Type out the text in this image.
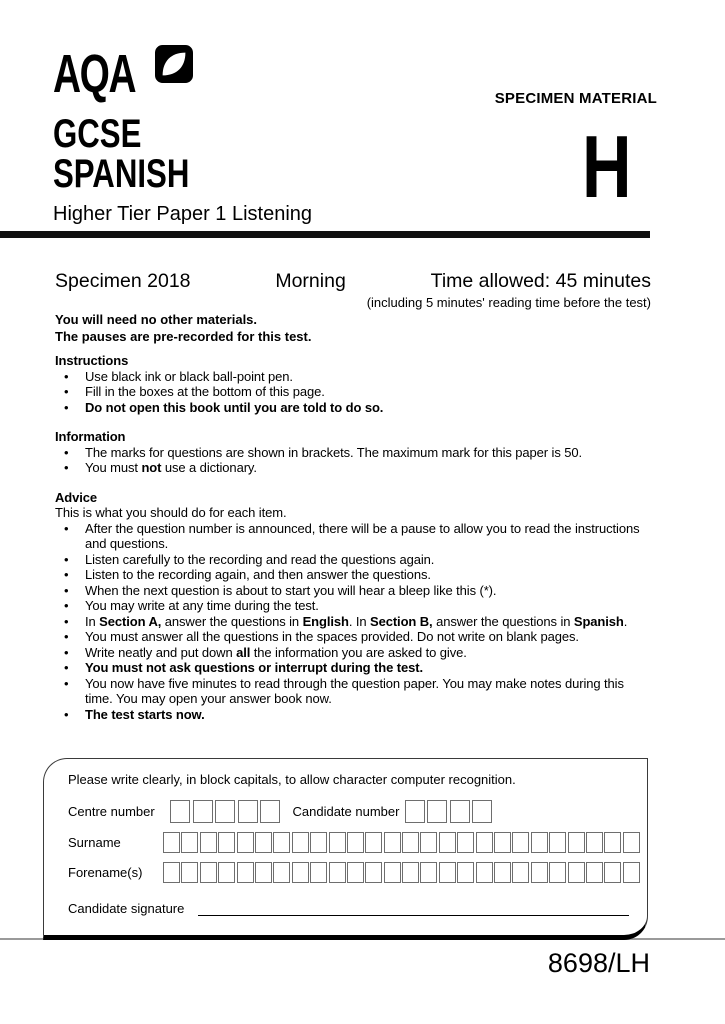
AQA	SPECIMEN MATERIAL
GCSE
SPANISH	H
Higher Tier Paper 1 Listening
Specimen 2018	Morning	Time allowed: 45 minutes
(including 5 minutes' reading time before the test)
You will need no other materials.
The pauses are pre-recorded for this test.
Instructions
• Use black ink or black ball-point pen.
• Fill in the boxes at the bottom of this page.
• Do not open this book until you are told to do so.
Information
• The marks for questions are shown in brackets. The maximum mark for this paper is 50.
• You must not use a dictionary.
Advice
This is what you should do for each item.
• After the question number is announced, there will be a pause to allow you to read the instructions and questions.
• Listen carefully to the recording and read the questions again.
• Listen to the recording again, and then answer the questions.
• When the next question is about to start you will hear a bleep like this (*).
• You may write at any time during the test.
• In Section A, answer the questions in English. In Section B, answer the questions in Spanish.
• You must answer all the questions in the spaces provided. Do not write on blank pages.
• Write neatly and put down all the information you are asked to give.
• You must not ask questions or interrupt during the test.
• You now have five minutes to read through the question paper. You may make notes during this time. You may open your answer book now.
• The test starts now.
Please write clearly, in block capitals, to allow character computer recognition.
Centre number	Candidate number
Surname
Forename(s)
Candidate signature
8698/LH
